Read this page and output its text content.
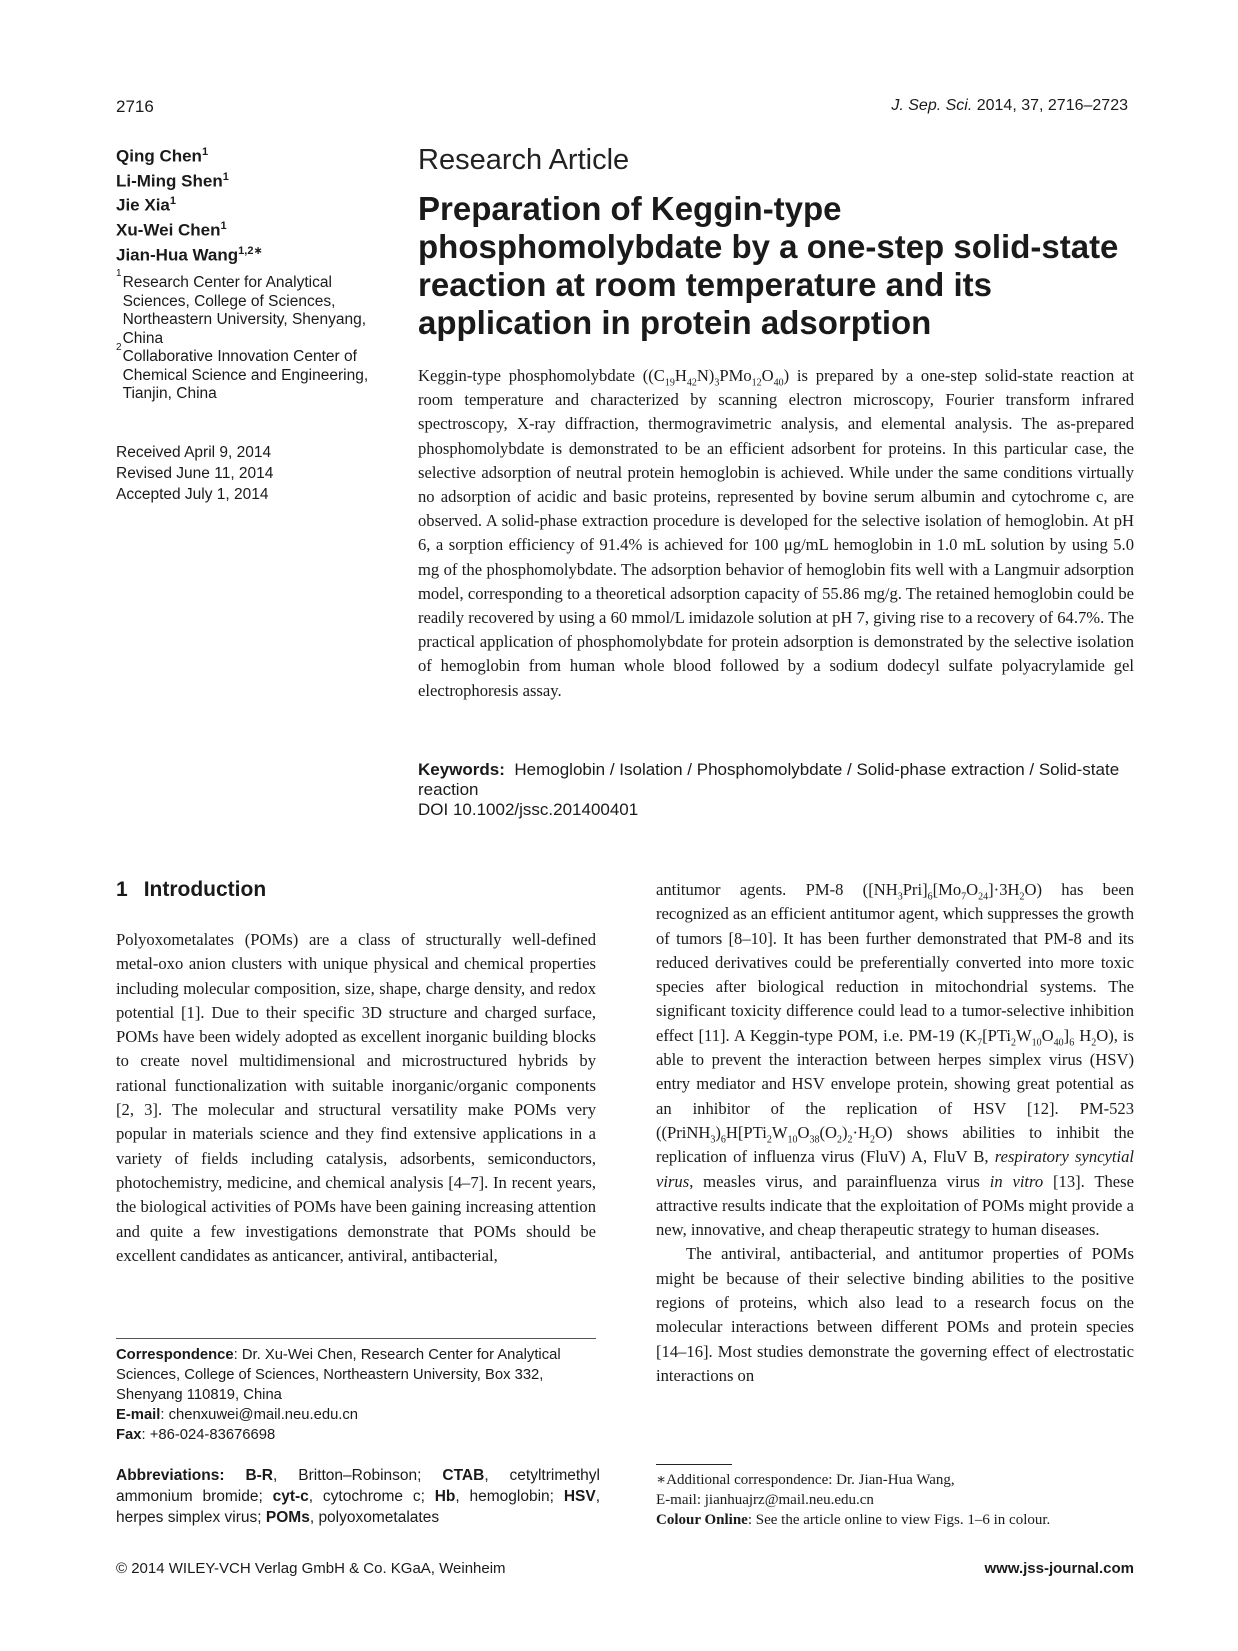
2716	J. Sep. Sci. 2014, 37, 2716–2723
Qing Chen$^1$
Li-Ming Shen$^1$
Jie Xia$^1$
Xu-Wei Chen$^1$
Jian-Hua Wang$^{1,2∗}$
1
Research Center for Analytical Sciences, College of Sciences, Northeastern University, Shenyang, China
2
Collaborative Innovation Center of Chemical Science and Engineering, Tianjin, China
Received April 9, 2014
Revised June 11, 2014
Accepted July 1, 2014
Research Article
Preparation of Keggin-type phosphomolybdate by a one-step solid-state reaction at room temperature and its application in protein adsorption

Keggin-type phosphomolybdate $((C_{19}H_{42}N)_3PMo_{12}O_{40})$ is prepared by a one-step solid-state reaction at room temperature and characterized by scanning electron microscopy, Fourier transform infrared spectroscopy, X-ray diffraction, thermogravimetric analysis, and elemental analysis. The as-prepared phosphomolybdate is demonstrated to be an efficient adsorbent for proteins. In this particular case, the selective adsorption of neutral protein hemoglobin is achieved. While under the same conditions virtually no adsorption of acidic and basic proteins, represented by bovine serum albumin and cytochrome c, are observed. A solid-phase extraction procedure is developed for the selective isolation of hemoglobin. At pH 6, a sorption efficiency of 91.4% is achieved for 100 μg/mL hemoglobin in 1.0 mL solution by using 5.0 mg of the phosphomolybdate. The adsorption behavior of hemoglobin fits well with a Langmuir adsorption model, corresponding to a theoretical adsorption capacity of 55.86 mg/g. The retained hemoglobin could be readily recovered by using a 60 mmol/L imidazole solution at pH 7, giving rise to a recovery of 64.7%. The practical application of phosphomolybdate for protein adsorption is demonstrated by the selective isolation of hemoglobin from human whole blood followed by a sodium dodecyl sulfate polyacrylamide gel electrophoresis assay.

Keywords: Hemoglobin / Isolation / Phosphomolybdate / Solid-phase extraction / Solid-state reaction
DOI 10.1002/jssc.201400401
1 Introduction

Polyoxometalates (POMs) are a class of structurally well-defined metal-oxo anion clusters with unique physical and chemical properties including molecular composition, size, shape, charge density, and redox potential [1]. Due to their specific 3D structure and charged surface, POMs have been widely adopted as excellent inorganic building blocks to create novel multidimensional and microstructured hybrids by rational functionalization with suitable inorganic/organic components [2, 3]. The molecular and structural versatility make POMs very popular in materials science and they find extensive applications in a variety of fields including catalysis, adsorbents, semiconductors, photochemistry, medicine, and chemical analysis [4–7]. In recent years, the biological activities of POMs have been gaining increasing attention and quite a few investigations demonstrate that POMs should be excellent candidates as anticancer, antiviral, antibacterial,

antitumor agents. PM-8 $([NH_3Pri]_6[Mo_7O_{24}]\cdot 3H_2O)$ has been recognized as an efficient antitumor agent, which suppresses the growth of tumors [8–10]. It has been further demonstrated that PM-8 and its reduced derivatives could be preferentially converted into more toxic species after biological reduction in mitochondrial systems. The significant toxicity difference could lead to a tumor-selective inhibition effect [11]. A Keggin-type POM, i.e. PM-19 ($K_7[PTi_2W_{10}O_{40}]_6$ $H_2O$), is able to prevent the interaction between herpes simplex virus (HSV) entry mediator and HSV envelope protein, showing great potential as an inhibitor of the replication of HSV [12]. PM-523 ($(PriNH_3)_6H[PTi_2W_{10}O_{38}(O_2)_2\cdot H_2O)$ shows abilities to inhibit the replication of influenza virus (FluV) A, FluV B, respiratory syncytial virus, measles virus, and parainfluenza virus in vitro [13]. These attractive results indicate that the exploitation of POMs might provide a new, innovative, and cheap therapeutic strategy to human diseases.

The antiviral, antibacterial, and antitumor properties of POMs might be because of their selective binding abilities to the positive regions of proteins, which also lead to a research focus on the molecular interactions between different POMs and protein species [14–16]. Most studies demonstrate the governing effect of electrostatic interactions on

Correspondence: Dr. Xu-Wei Chen, Research Center for Analytical Sciences, College of Sciences, Northeastern University, Box 332, Shenyang 110819, China
E-mail: chenxuwei@mail.neu.edu.cn
Fax: +86-024-83676698
Abbreviations: B-R, Britton–Robinson; CTAB, cetyltrimethyl ammonium bromide; cyt-c, cytochrome c; Hb, hemoglobin; HSV, herpes simplex virus; POMs, polyoxometalates
∗Additional correspondence: Dr. Jian-Hua Wang,
E-mail: jianhuajrz@mail.neu.edu.cn
Colour Online: See the article online to view Figs. 1–6 in colour.
© 2014 WILEY-VCH Verlag GmbH & Co. KGaA, Weinheim	www.jss-journal.com
